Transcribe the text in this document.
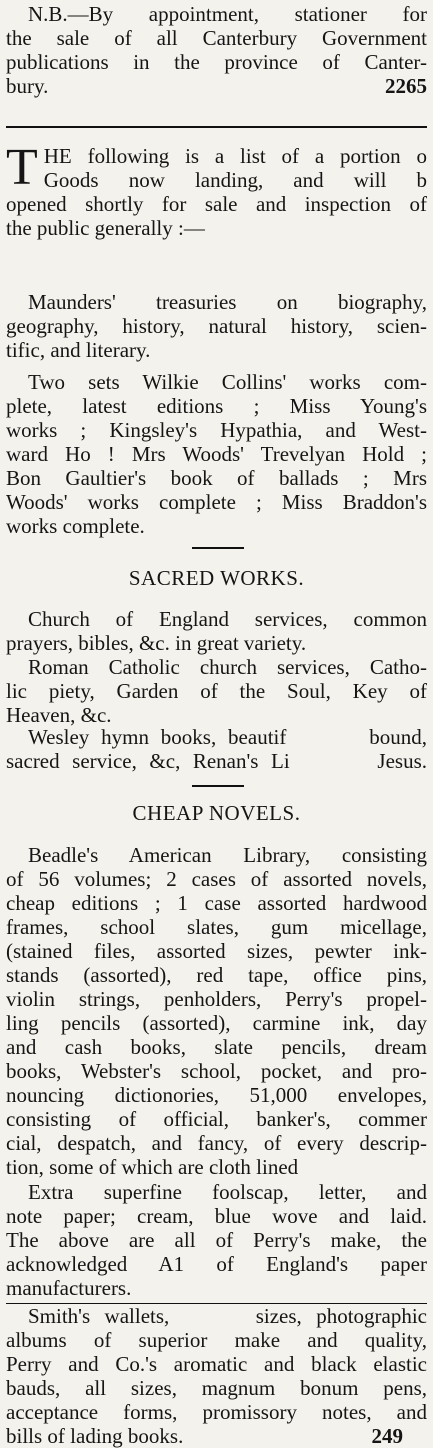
N.B.—By appointment, stationer for

the sale of all Canterbury Government

publications in the province of Canter-

bury.	2265

T HE following is a list of a portion o

Goods now landing, and will b

opened shortly for sale and inspection of

the public generally :—

Maunders' treasuries on biography,

geography, history, natural history, scien-

tific, and literary.

Two sets Wilkie Collins' works com-

plete, latest editions ; Miss Young's

works ; Kingsley's Hypathia, and West-

ward Ho ! Mrs Woods' Trevelyan Hold ;

Bon Gaultier's book of ballads ; Mrs

Woods' works complete ; Miss Braddon's

works complete.

SACRED WORKS.

Church of England services, common

prayers, bibles, &c. in great variety.

Roman Catholic church services, Catho-

lic piety, Garden of the Soul, Key of

Heaven, &c.

Wesley hymn books, beautif       bound,

sacred service, &c, Renan's Li       Jesus.

CHEAP NOVELS.

Beadle's American Library, consisting

of 56 volumes; 2 cases of assorted novels,

cheap editions ; 1 case assorted hardwood

frames, school slates, gum micellage,

(stained files, assorted sizes, pewter ink-

stands (assorted), red tape, office pins,

violin strings, penholders, Perry's propel-

ling pencils (assorted), carmine ink, day

and cash books, slate pencils, dream

books, Webster's school, pocket, and pro-

nouncing dictionories, 51,000 envelopes,

consisting of official, banker's, commer

cial, despatch, and fancy, of every descrip-

tion, some of which are cloth lined

Extra superfine foolscap, letter, and

note paper; cream, blue wove and laid.

The above are all of Perry's make, the

acknowledged A1 of England's paper

manufacturers.

Smith's wallets,      sizes, photographic

albums of superior make and quality,

Perry and Co.'s aromatic and black elastic

bauds, all sizes, magnum bonum pens,

acceptance forms, promissory notes, and

bills of lading books.	249
